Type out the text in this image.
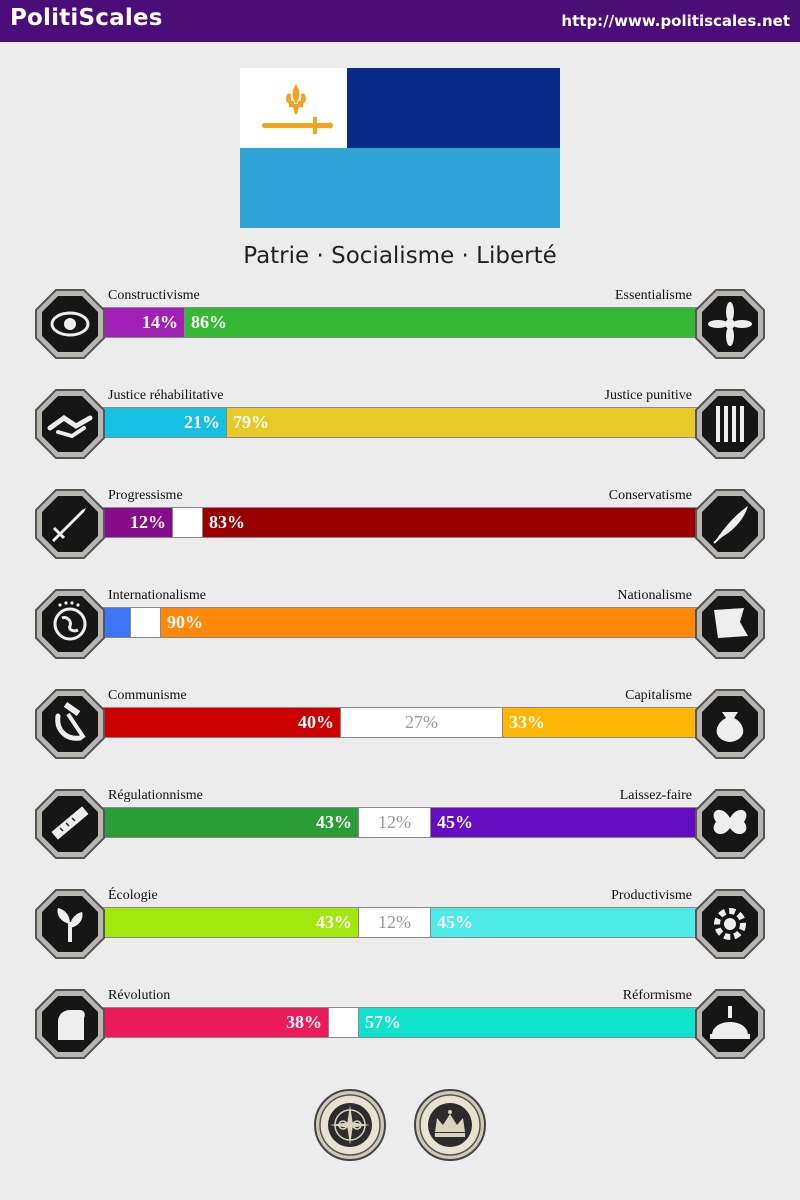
PolitiScales	http://www.politiscales.net
Patrie · Socialisme · Liberté
14% 86%
Constructivisme	Essentialisme
21% 79%
Justice réhabilitative	Justice punitive
12%	83%
Progressisme	Conservatisme
90%
Internationalisme	Nationalisme
40%	27%	33%
Communisme	Capitalisme
43%	12%	45%
Régulationnisme	Laissez-faire
43%	12%	45%
Écologie	Productivisme
38%	57%
Révolution	Réformisme
